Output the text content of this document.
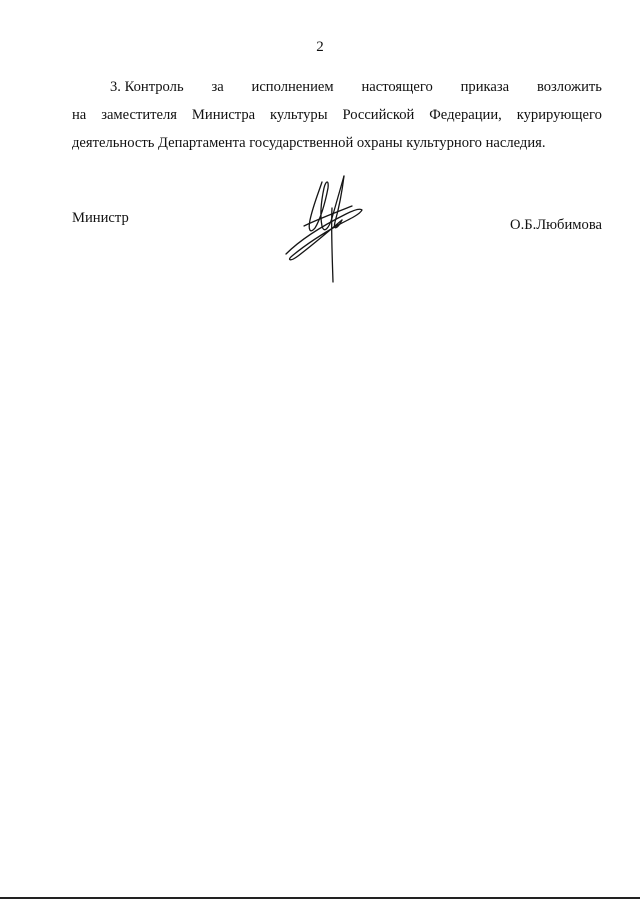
2
3. Контроль за исполнением настоящего приказа возложить
на заместителя Министра культуры Российской Федерации, курирующего
деятельность Департамента государственной охраны культурного наследия.
Министр	О.Б.Любимова
